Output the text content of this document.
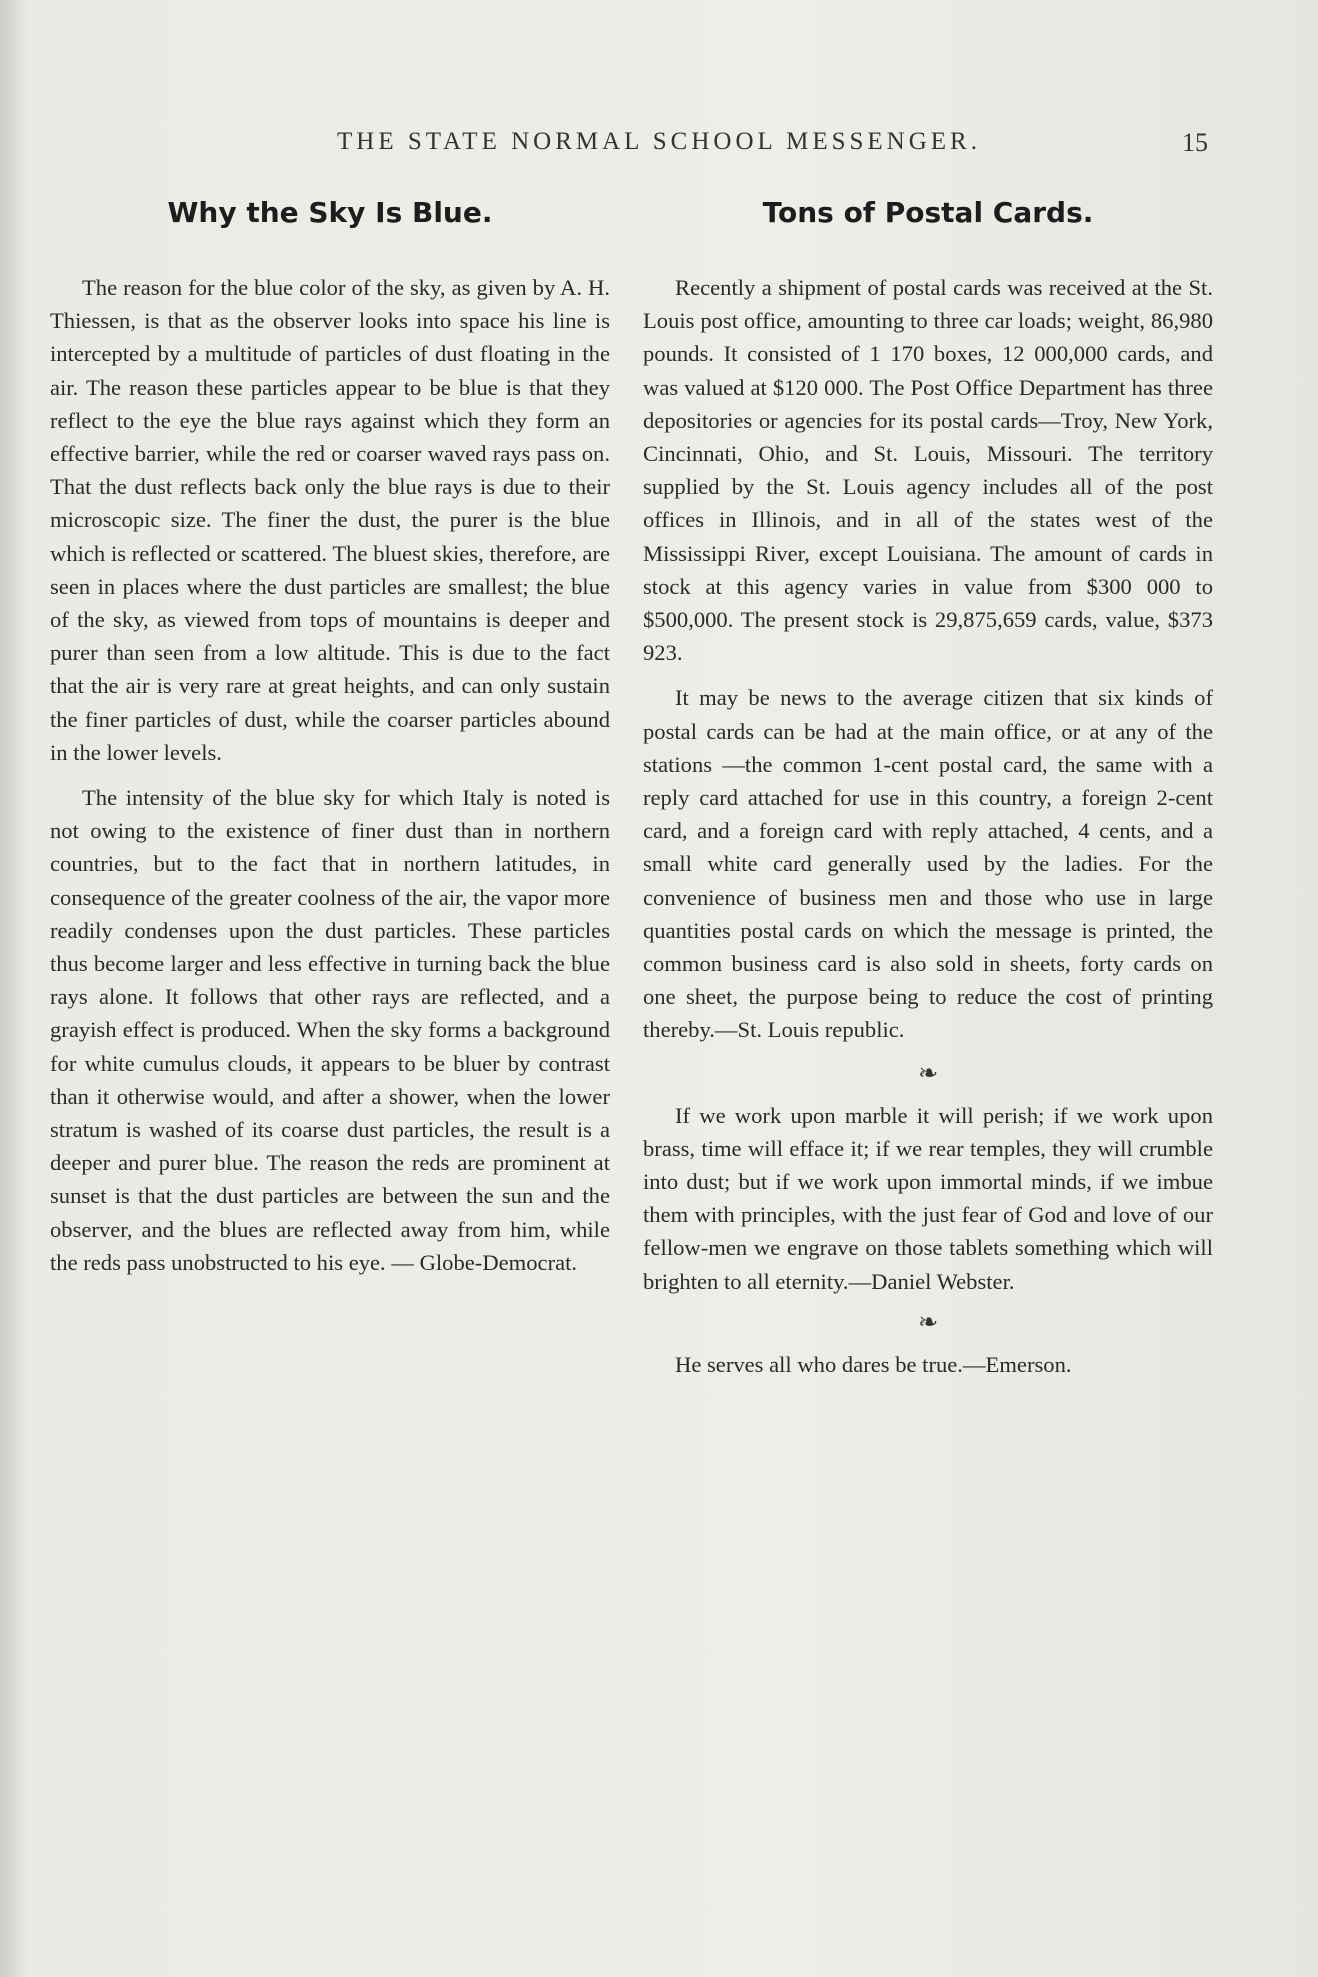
THE STATE NORMAL SCHOOL MESSENGER.	15
Why the Sky Is Blue.

The reason for the blue color of the sky, as given by A. H. Thiessen, is that as the observer looks into space his line is intercepted by a multitude of particles of dust floating in the air. The reason these particles appear to be blue is that they reflect to the eye the blue rays against which they form an effective barrier, while the red or coarser waved rays pass on. That the dust reflects back only the blue rays is due to their microscopic size. The finer the dust, the purer is the blue which is reflected or scattered. The bluest skies, therefore, are seen in places where the dust particles are smallest; the blue of the sky, as viewed from tops of mountains is deeper and purer than seen from a low altitude. This is due to the fact that the air is very rare at great heights, and can only sustain the finer particles of dust, while the coarser particles abound in the lower levels.

The intensity of the blue sky for which Italy is noted is not owing to the existence of finer dust than in northern countries, but to the fact that in northern latitudes, in consequence of the greater coolness of the air, the vapor more readily condenses upon the dust particles. These particles thus become larger and less effective in turning back the blue rays alone. It follows that other rays are reflected, and a grayish effect is produced. When the sky forms a background for white cumulus clouds, it appears to be bluer by contrast than it otherwise would, and after a shower, when the lower stratum is washed of its coarse dust particles, the result is a deeper and purer blue. The reason the reds are prominent at sunset is that the dust particles are between the sun and the observer, and the blues are reflected away from him, while the reds pass unobstructed to his eye. — Globe-Democrat.

Tons of Postal Cards.

Recently a shipment of postal cards was received at the St. Louis post office, amounting to three car loads; weight, 86,980 pounds. It consisted of 1 170 boxes, 12 000,000 cards, and was valued at $120 000. The Post Office Department has three depositories or agencies for its postal cards—Troy, New York, Cincinnati, Ohio, and St. Louis, Missouri. The territory supplied by the St. Louis agency includes all of the post offices in Illinois, and in all of the states west of the Mississippi River, except Louisiana. The amount of cards in stock at this agency varies in value from $300 000 to $500,000. The present stock is 29,875,659 cards, value, $373 923.

It may be news to the average citizen that six kinds of postal cards can be had at the main office, or at any of the stations —the common 1-cent postal card, the same with a reply card attached for use in this country, a foreign 2-cent card, and a foreign card with reply attached, 4 cents, and a small white card generally used by the ladies. For the convenience of business men and those who use in large quantities postal cards on which the message is printed, the common business card is also sold in sheets, forty cards on one sheet, the purpose being to reduce the cost of printing thereby.—St. Louis republic.

❧

If we work upon marble it will perish; if we work upon brass, time will efface it; if we rear temples, they will crumble into dust; but if we work upon immortal minds, if we imbue them with principles, with the just fear of God and love of our fellow-men we engrave on those tablets something which will brighten to all eternity.—Daniel Webster.

❧

He serves all who dares be true.—Emerson.
